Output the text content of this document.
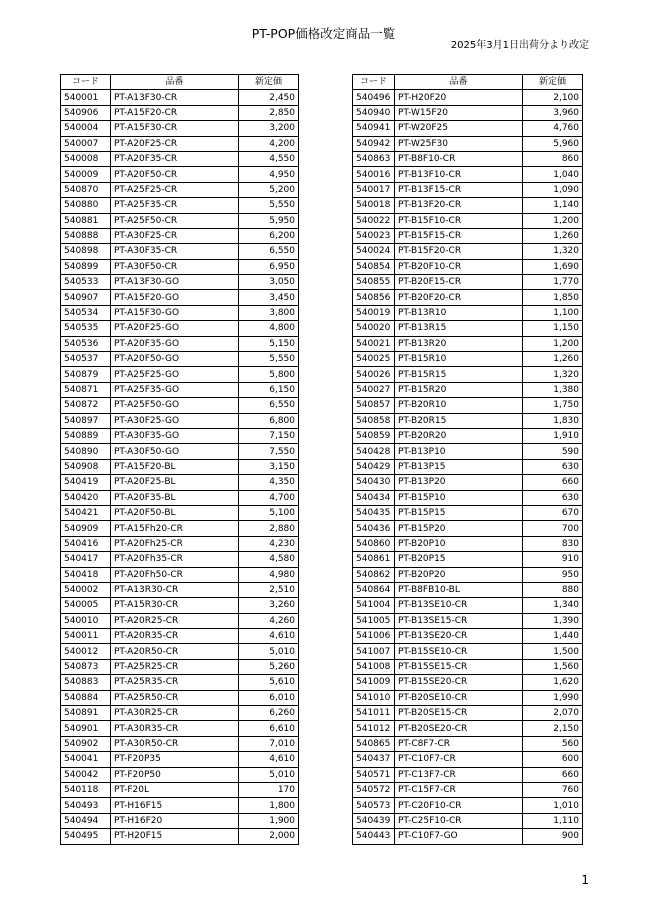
PT-POP価格改定商品一覧
2025年3月1日出荷分より改定
コード	品番	新定価
540001	PT-A13F30-CR	2,450
540906	PT-A15F20-CR	2,850
540004	PT-A15F30-CR	3,200
540007	PT-A20F25-CR	4,200
540008	PT-A20F35-CR	4,550
540009	PT-A20F50-CR	4,950
540870	PT-A25F25-CR	5,200
540880	PT-A25F35-CR	5,550
540881	PT-A25F50-CR	5,950
540888	PT-A30F25-CR	6,200
540898	PT-A30F35-CR	6,550
540899	PT-A30F50-CR	6,950
540533	PT-A13F30-GO	3,050
540907	PT-A15F20-GO	3,450
540534	PT-A15F30-GO	3,800
540535	PT-A20F25-GO	4,800
540536	PT-A20F35-GO	5,150
540537	PT-A20F50-GO	5,550
540879	PT-A25F25-GO	5,800
540871	PT-A25F35-GO	6,150
540872	PT-A25F50-GO	6,550
540897	PT-A30F25-GO	6,800
540889	PT-A30F35-GO	7,150
540890	PT-A30F50-GO	7,550
540908	PT-A15F20-BL	3,150
540419	PT-A20F25-BL	4,350
540420	PT-A20F35-BL	4,700
540421	PT-A20F50-BL	5,100
540909	PT-A15Fh20-CR	2,880
540416	PT-A20Fh25-CR	4,230
540417	PT-A20Fh35-CR	4,580
540418	PT-A20Fh50-CR	4,980
540002	PT-A13R30-CR	2,510
540005	PT-A15R30-CR	3,260
540010	PT-A20R25-CR	4,260
540011	PT-A20R35-CR	4,610
540012	PT-A20R50-CR	5,010
540873	PT-A25R25-CR	5,260
540883	PT-A25R35-CR	5,610
540884	PT-A25R50-CR	6,010
540891	PT-A30R25-CR	6,260
540901	PT-A30R35-CR	6,610
540902	PT-A30R50-CR	7,010
540041	PT-F20P35	4,610
540042	PT-F20P50	5,010
540118	PT-F20L	170
540493	PT-H16F15	1,800
540494	PT-H16F20	1,900
540495	PT-H20F15	2,000
コード	品番	新定価
540496	PT-H20F20	2,100
540940	PT-W15F20	3,960
540941	PT-W20F25	4,760
540942	PT-W25F30	5,960
540863	PT-B8F10-CR	860
540016	PT-B13F10-CR	1,040
540017	PT-B13F15-CR	1,090
540018	PT-B13F20-CR	1,140
540022	PT-B15F10-CR	1,200
540023	PT-B15F15-CR	1,260
540024	PT-B15F20-CR	1,320
540854	PT-B20F10-CR	1,690
540855	PT-B20F15-CR	1,770
540856	PT-B20F20-CR	1,850
540019	PT-B13R10	1,100
540020	PT-B13R15	1,150
540021	PT-B13R20	1,200
540025	PT-B15R10	1,260
540026	PT-B15R15	1,320
540027	PT-B15R20	1,380
540857	PT-B20R10	1,750
540858	PT-B20R15	1,830
540859	PT-B20R20	1,910
540428	PT-B13P10	590
540429	PT-B13P15	630
540430	PT-B13P20	660
540434	PT-B15P10	630
540435	PT-B15P15	670
540436	PT-B15P20	700
540860	PT-B20P10	830
540861	PT-B20P15	910
540862	PT-B20P20	950
540864	PT-B8FB10-BL	880
541004	PT-B13SE10-CR	1,340
541005	PT-B13SE15-CR	1,390
541006	PT-B13SE20-CR	1,440
541007	PT-B15SE10-CR	1,500
541008	PT-B15SE15-CR	1,560
541009	PT-B15SE20-CR	1,620
541010	PT-B20SE10-CR	1,990
541011	PT-B20SE15-CR	2,070
541012	PT-B20SE20-CR	2,150
540865	PT-C8F7-CR	560
540437	PT-C10F7-CR	600
540571	PT-C13F7-CR	660
540572	PT-C15F7-CR	760
540573	PT-C20F10-CR	1,010
540439	PT-C25F10-CR	1,110
540443	PT-C10F7-GO	900
1
